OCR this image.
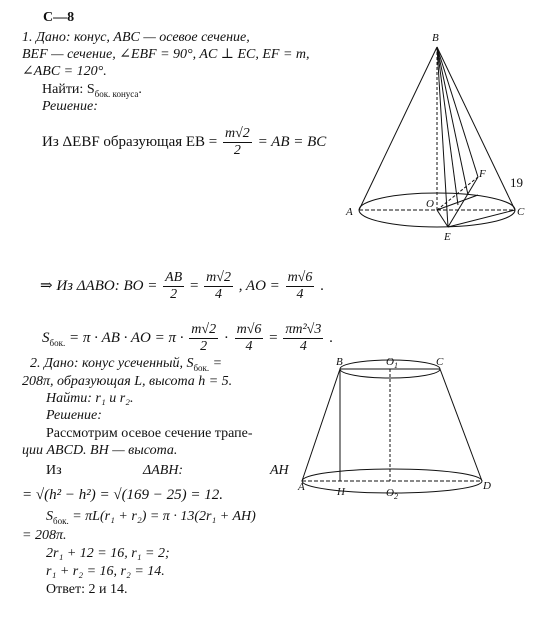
C—8
1. Дано: конус, ABC — осевое сечение,
BEF — сечение, ∠EBF = 90°, AC ⊥ EC, EF = m,
∠ABC = 120°.
Найти: $S_{бок. конуса}$.
Решение:
Из ΔEBF образующая EB = $\frac{m√2}{2}$ = AB = BC
⇒ Из ΔABO: BO = $\frac{AB}{2} = \frac{m√2}{4}$ , AO = $\frac{m√6}{4}$ .
$S_{бок.} = \pi$ · AB · AO = $\pi \cdot \frac{m√2}{2} \cdot \frac{m√6}{4} = \frac{\text{πm²√3}}{4}$ .
B
A	C
O
F
E
19
2. Дано: конус усеченный, $S_{бок.}$ =
208π, образующая L, высота h = 5.
Найти: r₁ и r₂.
Решение:
Рассмотрим осевое сечение трапе-
ции ABCD. BH — высота.
Из	ΔABH:	AH
= √(h² − h²) = √(169 − 25) = 12.
$S_{бок.} = \pi L(r_1 + r_2) = \pi \cdot 13(2r_1 + AH)$
= 208π.
2r₁ + 12 = 16, r₁ = 2;
r₁ + r₂ = 16, r₂ = 14.
Ответ: 2 и 14.
B	$O_1$	C
A	H	$O_2$
D
